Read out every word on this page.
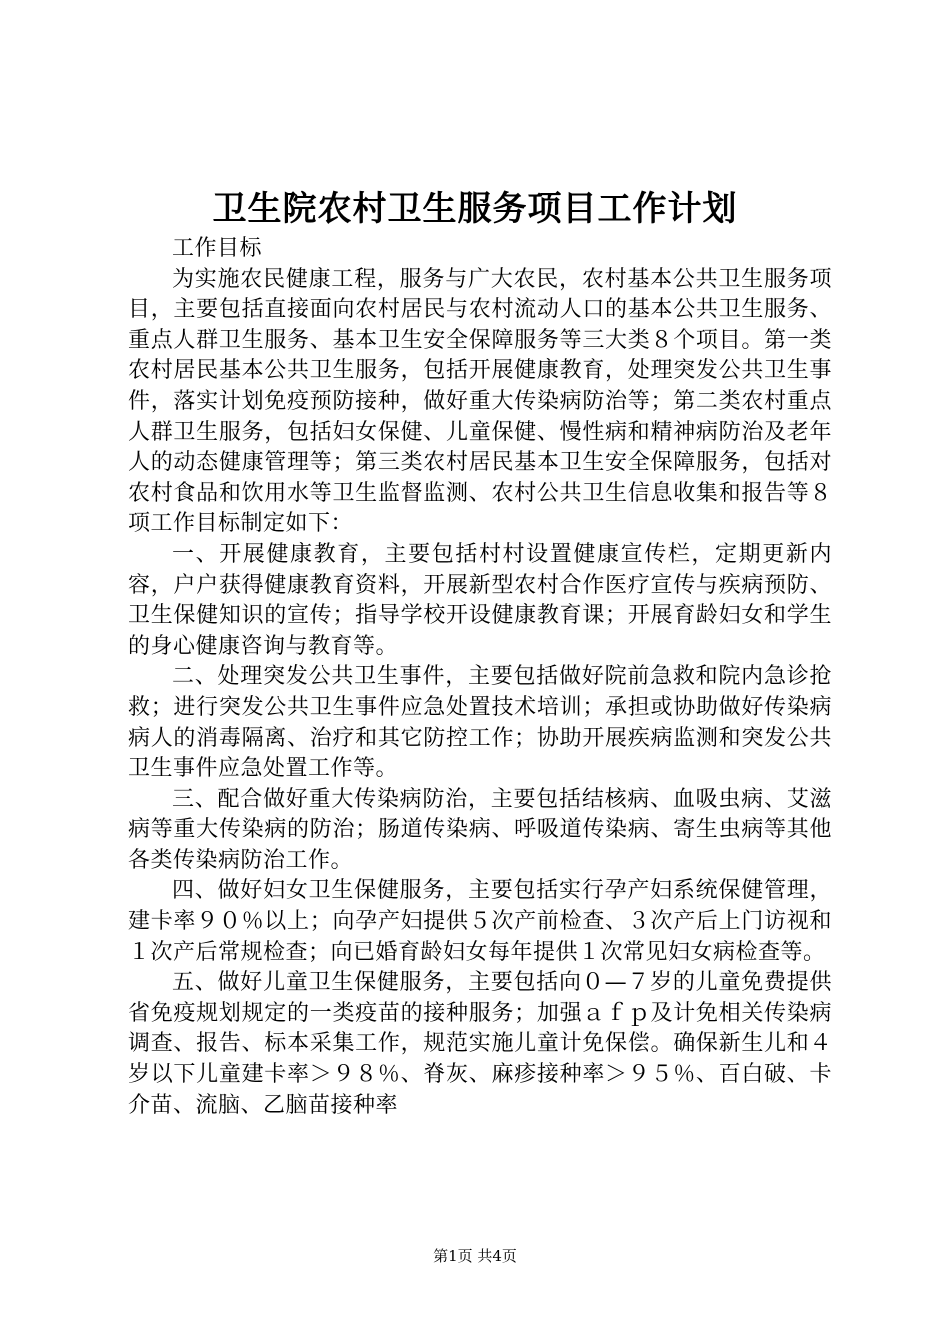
卫生院农村卫生服务项目工作计划

工作目标

为实施农民健康工程，服务与广大农民，农村基本公共卫生服务项目，主要包括直接面向农村居民与农村流动人口的基本公共卫生服务、重点人群卫生服务、基本卫生安全保障服务等三大类８个项目。第一类农村居民基本公共卫生服务，包括开展健康教育，处理突发公共卫生事件，落实计划免疫预防接种，做好重大传染病防治等；第二类农村重点人群卫生服务，包括妇女保健、儿童保健、慢性病和精神病防治及老年人的动态健康管理等；第三类农村居民基本卫生安全保障服务，包括对农村食品和饮用水等卫生监督监测、农村公共卫生信息收集和报告等８项工作目标制定如下：

一、开展健康教育，主要包括村村设置健康宣传栏，定期更新内容，户户获得健康教育资料，开展新型农村合作医疗宣传与疾病预防、卫生保健知识的宣传；指导学校开设健康教育课；开展育龄妇女和学生的身心健康咨询与教育等。

二、处理突发公共卫生事件，主要包括做好院前急救和院内急诊抢救；进行突发公共卫生事件应急处置技术培训；承担或协助做好传染病病人的消毒隔离、治疗和其它防控工作；协助开展疾病监测和突发公共卫生事件应急处置工作等。

三、配合做好重大传染病防治，主要包括结核病、血吸虫病、艾滋病等重大传染病的防治；肠道传染病、呼吸道传染病、寄生虫病等其他各类传染病防治工作。

四、做好妇女卫生保健服务，主要包括实行孕产妇系统保健管理，建卡率９０％以上；向孕产妇提供５次产前检查、３次产后上门访视和１次产后常规检查；向已婚育龄妇女每年提供１次常见妇女病检查等。

五、做好儿童卫生保健服务，主要包括向０—７岁的儿童免费提供省免疫规划规定的一类疫苗的接种服务；加强ａｆｐ及计免相关传染病调查、报告、标本采集工作，规范实施儿童计免保偿。确保新生儿和４岁以下儿童建卡率＞９８％、脊灰、麻疹接种率＞９５％、百白破、卡介苗、流脑、乙脑苗接种率

第1页 共4页
